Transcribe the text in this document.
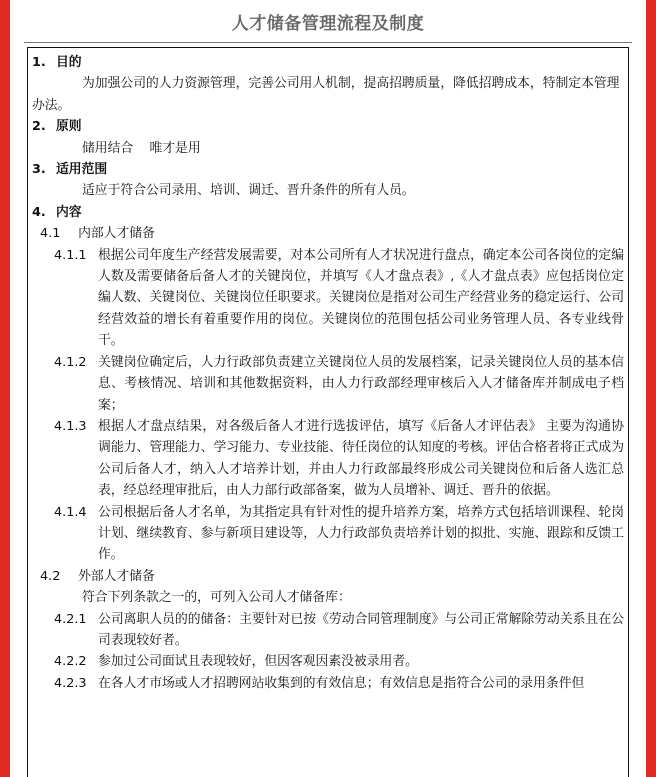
人才储备管理流程及制度
1. 目的

为加强公司的人力资源管理，完善公司用人机制，提高招聘质量，降低招聘成本，特制定本管理办法。

2. 原则

储用结合    唯才是用

3. 适用范围

适应于符合公司录用、培训、调迁、晋升条件的所有人员。

4. 内容
4.1 内部人才储备
4.1.1 根据公司年度生产经营发展需要，对本公司所有人才状况进行盘点，确定本公司各岗位的定编人数及需要储备后备人才的关键岗位，并填写《人才盘点表》,《人才盘点表》应包括岗位定编人数、关键岗位、关键岗位任职要求。关键岗位是指对公司生产经营业务的稳定运行、公司经营效益的增长有着重要作用的岗位。关键岗位的范围包括公司业务管理人员、各专业线骨干。
4.1.2 关键岗位确定后，人力行政部负责建立关键岗位人员的发展档案，记录关键岗位人员的基本信息、考核情况、培训和其他数据资料，由人力行政部经理审核后入人才储备库并制成电子档案；
4.1.3 根据人才盘点结果，对各级后备人才进行选拔评估，填写《后备人才评估表》 主要为沟通协调能力、管理能力、学习能力、专业技能、待任岗位的认知度的考核。评估合格者将正式成为公司后备人才，纳入人才培养计划，并由人力行政部最终形成公司关键岗位和后备人选汇总表，经总经理审批后，由人力部行政部备案，做为人员增补、调迁、晋升的依据。
4.1.4 公司根据后备人才名单，为其指定具有针对性的提升培养方案，培养方式包括培训课程、轮岗计划、继续教育、参与新项目建设等，人力行政部负责培养计划的拟批、实施、跟踪和反馈工作。
4.2 外部人才储备

符合下列条款之一的，可列入公司人才储备库：

4.2.1 公司离职人员的的储备：主要针对已按《劳动合同管理制度》与公司正常解除劳动关系且在公司表现较好者。
4.2.2 参加过公司面试且表现较好，但因客观因素没被录用者。
4.2.3 在各人才市场或人才招聘网站收集到的有效信息；有效信息是指符合公司的录用条件但
